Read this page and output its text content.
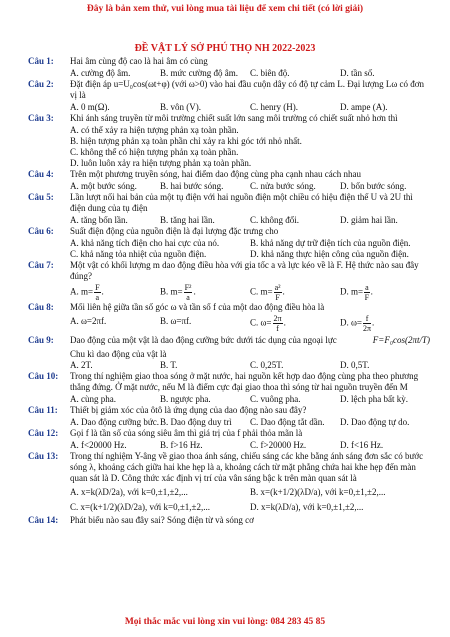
Đây là bản xem thử, vui lòng mua tài liệu để xem chi tiết (có lời giải)
ĐỀ VẬT LÝ SỞ PHÚ THỌ NH 2022-2023
Câu 1:	Hai âm cùng độ cao là hai âm có cùng
A. cường độ âm.	B. mức cường độ âm.	C. biên độ.	D. tần số.
Câu 2:	Đặt điện áp u=U₀cos(ωt+φ) (với ω>0) vào hai đầu cuộn dây có độ tự cảm L. Đại lượng Lω có đơn vị là
A. 0 m(Ω).	B. vôn (V).	C. henry (H).	D. ampe (A).
Câu 3:	Khi ánh sáng truyền từ môi trường chiết suất lớn sang môi trường có chiết suất nhỏ hơn thì
A. có thể xảy ra hiện tượng phản xạ toàn phần.
B. hiện tượng phản xạ toàn phần chỉ xảy ra khi góc tới nhỏ nhất.
C. không thể có hiện tượng phản xạ toàn phần.
D. luôn luôn xảy ra hiện tượng phản xạ toàn phần.
Câu 4:	Trên một phương truyền sóng, hai điểm dao động cùng pha cạnh nhau cách nhau
A. một bước sóng.	B. hai bước sóng.	C. nửa bước sóng.	D. bốn bước sóng.
Câu 5:	Lần lượt nối hai bản của một tụ điện với hai nguồn điện một chiều có hiệu điện thế U và 2U thì điện dung của tụ điện
A. tăng bốn lần.	B. tăng hai lần.	C. không đổi.	D. giảm hai lần.
Câu 6:	Suất điện động của nguồn điện là đại lượng đặc trưng cho
A. khả năng tích điện cho hai cực của nó.	B. khả năng dự trữ điện tích của nguồn điện.
C. khả năng tỏa nhiệt của nguồn điện.	D. khả năng thực hiện công của nguồn điện.
Câu 7:	Một vật có khối lượng m dao động điều hòa với gia tốc a và lực kéo về là F. Hệ thức nào sau đây đúng?
A. $m= \frac{F}{a}$ .	B. $m= \frac{\text{F²}}{a}$ .	C. $m= \frac{\text{a²}}{F}$ .	D. $m= \frac{a}{F}$ .
Câu 8:	Mối liên hệ giữa tần số góc ω và tần số f của một dao động điều hòa là
A. ω=2πf.	B. ω=πf.	C. $\omega= \frac{2\pi}{f}$ .	D. $\omega= \frac{f}{2\pi}$ .
Câu 9:	Dao động của một vật là dao động cưỡng bức dưới tác dụng của ngoại lực	F=F₀cos(2πt/T)
Chu kì dao động của vật là
A. 2T.	B. T.	C. 0,25T.	D. 0,5T.
Câu 10:	Trong thí nghiệm giao thoa sóng ở mặt nước, hai nguồn kết hợp dao động cùng pha theo phương thẳng đứng. Ở mặt nước, nếu M là điểm cực đại giao thoa thì sóng từ hai nguồn truyền đến M
A. cùng pha.	B. ngược pha.	C. vuông pha.	D. lệch pha bất kỳ.
Câu 11:	Thiết bị giảm xóc của ôtô là ứng dụng của dao động nào sau đây?
A. Dao động cưỡng bức. B. Dao động duy trì	C. Dao động tắt dần.	D. Dao động tự do.
Câu 12:	Gọi f là tần số của sóng siêu âm thì giá trị của f phải thỏa mãn là
A. f<20000 Hz.	B. f>16 Hz.	C. f>20000 Hz.	D. f<16 Hz.
Câu 13:	Trong thí nghiệm Y-âng về giao thoa ánh sáng, chiếu sáng các khe bằng ánh sáng đơn sắc có bước sóng λ, khoảng cách giữa hai khe hẹp là a, khoảng cách từ mặt phẳng chứa hai khe hẹp đến màn quan sát là D. Công thức xác định vị trí của vân sáng bậc k trên màn quan sát là
A. x=k(λD/2a), với k=0,±1,±2,...	B. x=(k+1/2)(λD/a), với k=0,±1,±2,...
C. x=(k+1/2)(λD/2a), với k=0,±1,±2,...	D. x=k(λD/a), với k=0,±1,±2,...
Câu 14:	Phát biểu nào sau đây sai? Sóng điện từ và sóng cơ
Mọi thắc mắc vui lòng xin vui lòng: 084 283 45 85
